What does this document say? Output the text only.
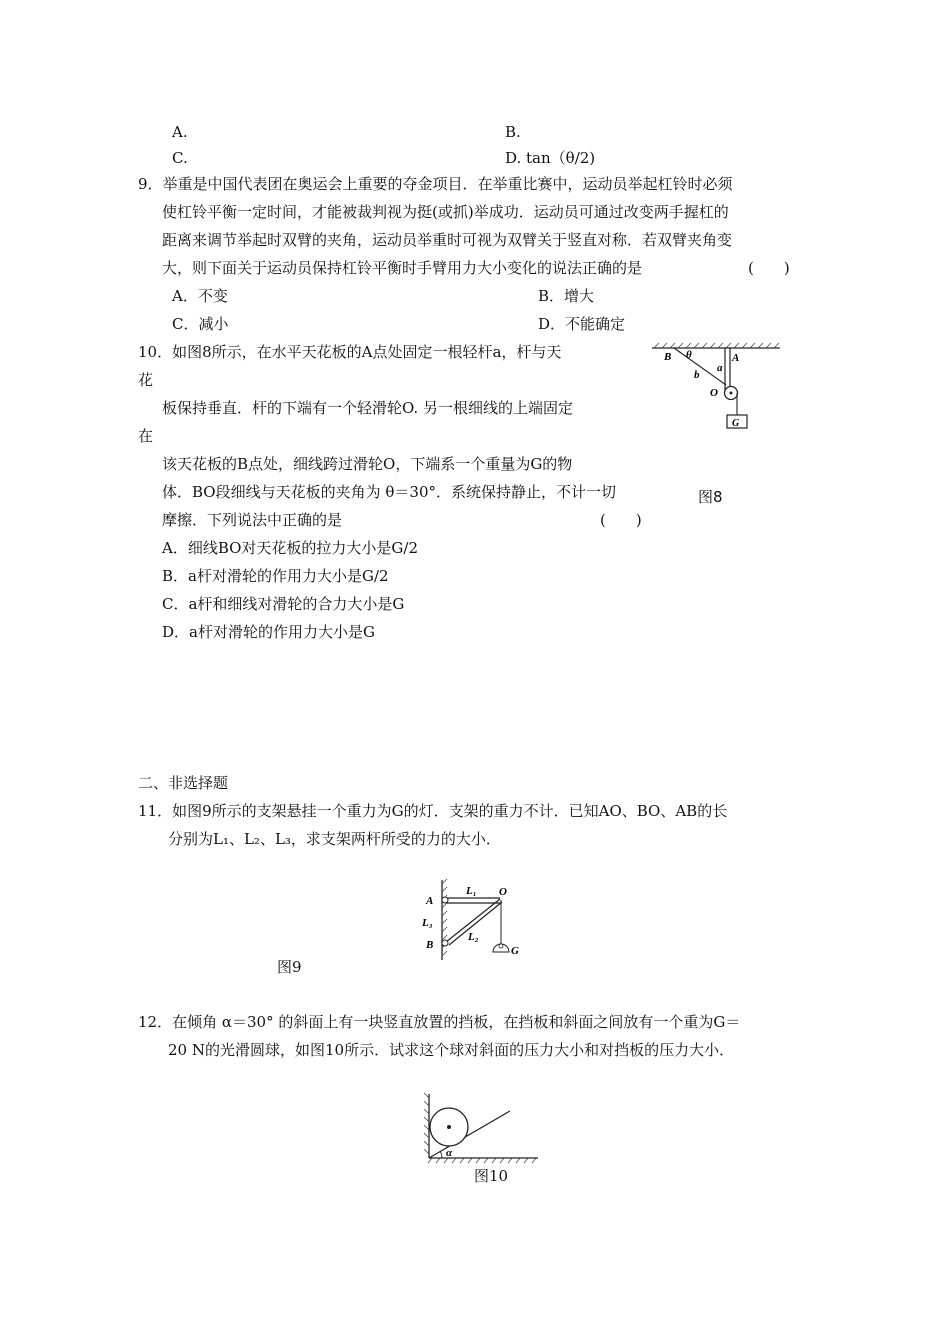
A.	B.
C.	D. tan（θ/2)
9．举重是中国代表团在奥运会上重要的夺金项目．在举重比赛中，运动员举起杠铃时必须
使杠铃平衡一定时间，才能被裁判视为挺(或抓)举成功．运动员可通过改变两手握杠的
距离来调节举起时双臂的夹角，运动员举重时可视为双臂关于竖直对称．若双臂夹角变
大，则下面关于运动员保持杠铃平衡时手臂用力大小变化的说法正确的是	(　　)
A．不变	B．增大
C．减小	D．不能确定
10．如图8所示，在水平天花板的A点处固定一根轻杆a，杆与天
花
板保持垂直．杆的下端有一个轻滑轮O. 另一根细线的上端固定
在
该天花板的B点处，细线跨过滑轮O，下端系一个重量为G的物
体．BO段细线与天花板的夹角为 θ＝30°．系统保持静止，不计一切
摩擦．下列说法中正确的是	(　　)
A．细线BO对天花板的拉力大小是G/2
B．a杆对滑轮的作用力大小是G/2
C．a杆和细线对滑轮的合力大小是G
D．a杆对滑轮的作用力大小是G
B θ	A
a
b
O
G
图8
二、非选择题
11．如图9所示的支架悬挂一个重力为G的灯．支架的重力不计．已知AO、BO、AB的长
分别为L₁、L₂、L₃，求支架两杆所受的力的大小．
A
L₁ O
L₃
B
L₂
G
图9
12．在倾角 α＝30° 的斜面上有一块竖直放置的挡板，在挡板和斜面之间放有一个重为G＝
20 N的光滑圆球，如图10所示．试求这个球对斜面的压力大小和对挡板的压力大小．
α
图10
